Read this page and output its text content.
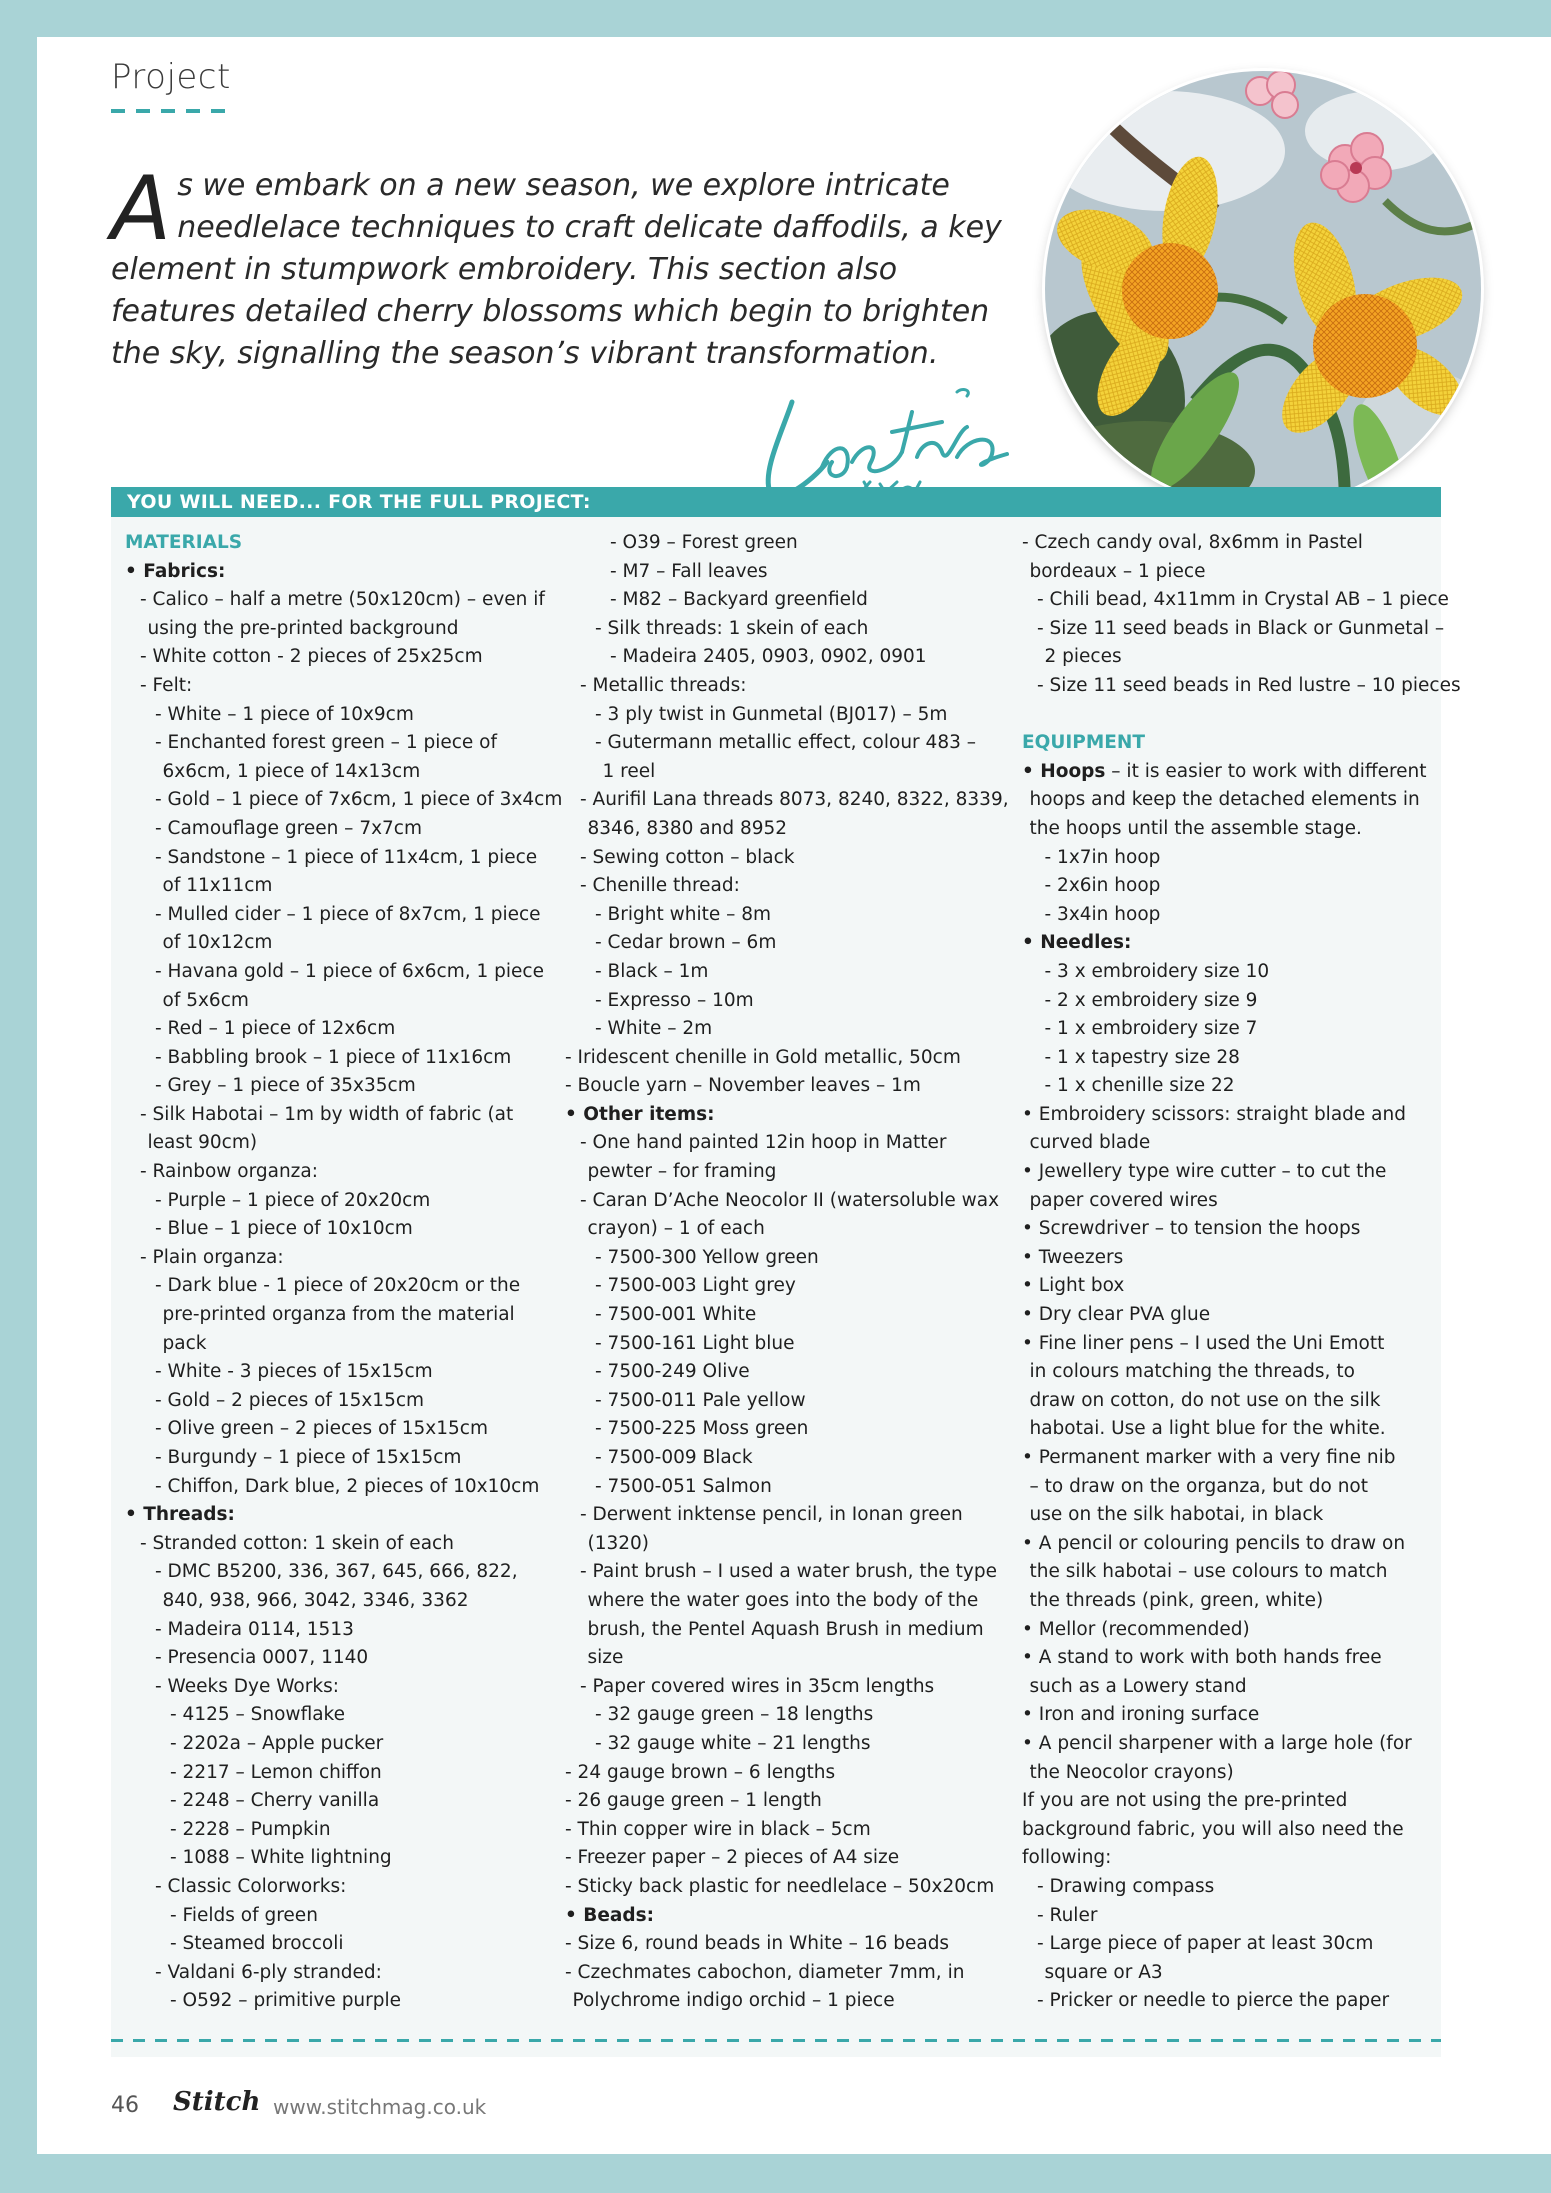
Project
As we embark on a new season, we explore intricate needlelace techniques to craft delicate daffodils, a key element in stumpwork embroidery. This section also features detailed cherry blossoms which begin to brighten the sky, signalling the season’s vibrant transformation.
YOU WILL NEED... FOR THE FULL PROJECT:
MATERIALS
• Fabrics:
- Calico – half a metre (50x120cm) – even if
using the pre-printed background
- White cotton - 2 pieces of 25x25cm
- Felt:
- White – 1 piece of 10x9cm
- Enchanted forest green – 1 piece of
6x6cm, 1 piece of 14x13cm
- Gold – 1 piece of 7x6cm, 1 piece of 3x4cm
- Camouflage green – 7x7cm
- Sandstone – 1 piece of 11x4cm, 1 piece
of 11x11cm
- Mulled cider – 1 piece of 8x7cm, 1 piece
of 10x12cm
- Havana gold – 1 piece of 6x6cm, 1 piece
of 5x6cm
- Red – 1 piece of 12x6cm
- Babbling brook – 1 piece of 11x16cm
- Grey – 1 piece of 35x35cm
- Silk Habotai – 1m by width of fabric (at
least 90cm)
- Rainbow organza:
- Purple – 1 piece of 20x20cm
- Blue – 1 piece of 10x10cm
- Plain organza:
- Dark blue - 1 piece of 20x20cm or the
pre-printed organza from the material
pack
- White - 3 pieces of 15x15cm
- Gold – 2 pieces of 15x15cm
- Olive green – 2 pieces of 15x15cm
- Burgundy – 1 piece of 15x15cm
- Chiffon, Dark blue, 2 pieces of 10x10cm
• Threads:
- Stranded cotton: 1 skein of each
- DMC B5200, 336, 367, 645, 666, 822,
840, 938, 966, 3042, 3346, 3362
- Madeira 0114, 1513
- Presencia 0007, 1140
- Weeks Dye Works:
- 4125 – Snowflake
- 2202a – Apple pucker
- 2217 – Lemon chiffon
- 2248 – Cherry vanilla
- 2228 – Pumpkin
- 1088 – White lightning
- Classic Colorworks:
- Fields of green
- Steamed broccoli
- Valdani 6-ply stranded:
- O592 – primitive purple
- O39 – Forest green
- M7 – Fall leaves
- M82 – Backyard greenfield
- Silk threads: 1 skein of each
- Madeira 2405, 0903, 0902, 0901
- Metallic threads:
- 3 ply twist in Gunmetal (BJ017) – 5m
- Gutermann metallic effect, colour 483 –
1 reel
- Aurifil Lana threads 8073, 8240, 8322, 8339,
8346, 8380 and 8952
- Sewing cotton – black
- Chenille thread:
- Bright white – 8m
- Cedar brown – 6m
- Black – 1m
- Expresso – 10m
- White – 2m
- Iridescent chenille in Gold metallic, 50cm
- Boucle yarn – November leaves – 1m
• Other items:
- One hand painted 12in hoop in Matter
pewter – for framing
- Caran D’Ache Neocolor II (watersoluble wax
crayon) – 1 of each
- 7500-300 Yellow green
- 7500-003 Light grey
- 7500-001 White
- 7500-161 Light blue
- 7500-249 Olive
- 7500-011 Pale yellow
- 7500-225 Moss green
- 7500-009 Black
- 7500-051 Salmon
- Derwent inktense pencil, in Ionan green
(1320)
- Paint brush – I used a water brush, the type
where the water goes into the body of the
brush, the Pentel Aquash Brush in medium
size
- Paper covered wires in 35cm lengths
- 32 gauge green – 18 lengths
- 32 gauge white – 21 lengths
- 24 gauge brown – 6 lengths
- 26 gauge green – 1 length
- Thin copper wire in black – 5cm
- Freezer paper – 2 pieces of A4 size
- Sticky back plastic for needlelace – 50x20cm
• Beads:
- Size 6, round beads in White – 16 beads
- Czechmates cabochon, diameter 7mm, in
Polychrome indigo orchid – 1 piece
- Czech candy oval, 8x6mm in Pastel
bordeaux – 1 piece
- Chili bead, 4x11mm in Crystal AB – 1 piece
- Size 11 seed beads in Black or Gunmetal –
2 pieces
- Size 11 seed beads in Red lustre – 10 pieces
EQUIPMENT
• Hoops – it is easier to work with different
hoops and keep the detached elements in
the hoops until the assemble stage.
- 1x7in hoop
- 2x6in hoop
- 3x4in hoop
• Needles:
- 3 x embroidery size 10
- 2 x embroidery size 9
- 1 x embroidery size 7
- 1 x tapestry size 28
- 1 x chenille size 22
• Embroidery scissors: straight blade and
curved blade
• Jewellery type wire cutter – to cut the
paper covered wires
• Screwdriver – to tension the hoops
• Tweezers
• Light box
• Dry clear PVA glue
• Fine liner pens – I used the Uni Emott
in colours matching the threads, to
draw on cotton, do not use on the silk
habotai. Use a light blue for the white.
• Permanent marker with a very fine nib
– to draw on the organza, but do not
use on the silk habotai, in black
• A pencil or colouring pencils to draw on
the silk habotai – use colours to match
the threads (pink, green, white)
• Mellor (recommended)
• A stand to work with both hands free
such as a Lowery stand
• Iron and ironing surface
• A pencil sharpener with a large hole (for
the Neocolor crayons)
If you are not using the pre-printed
background fabric, you will also need the
following:
- Drawing compass
- Ruler
- Large piece of paper at least 30cm
square or A3
- Pricker or needle to pierce the paper
46 Stitch www.stitchmag.co.uk
